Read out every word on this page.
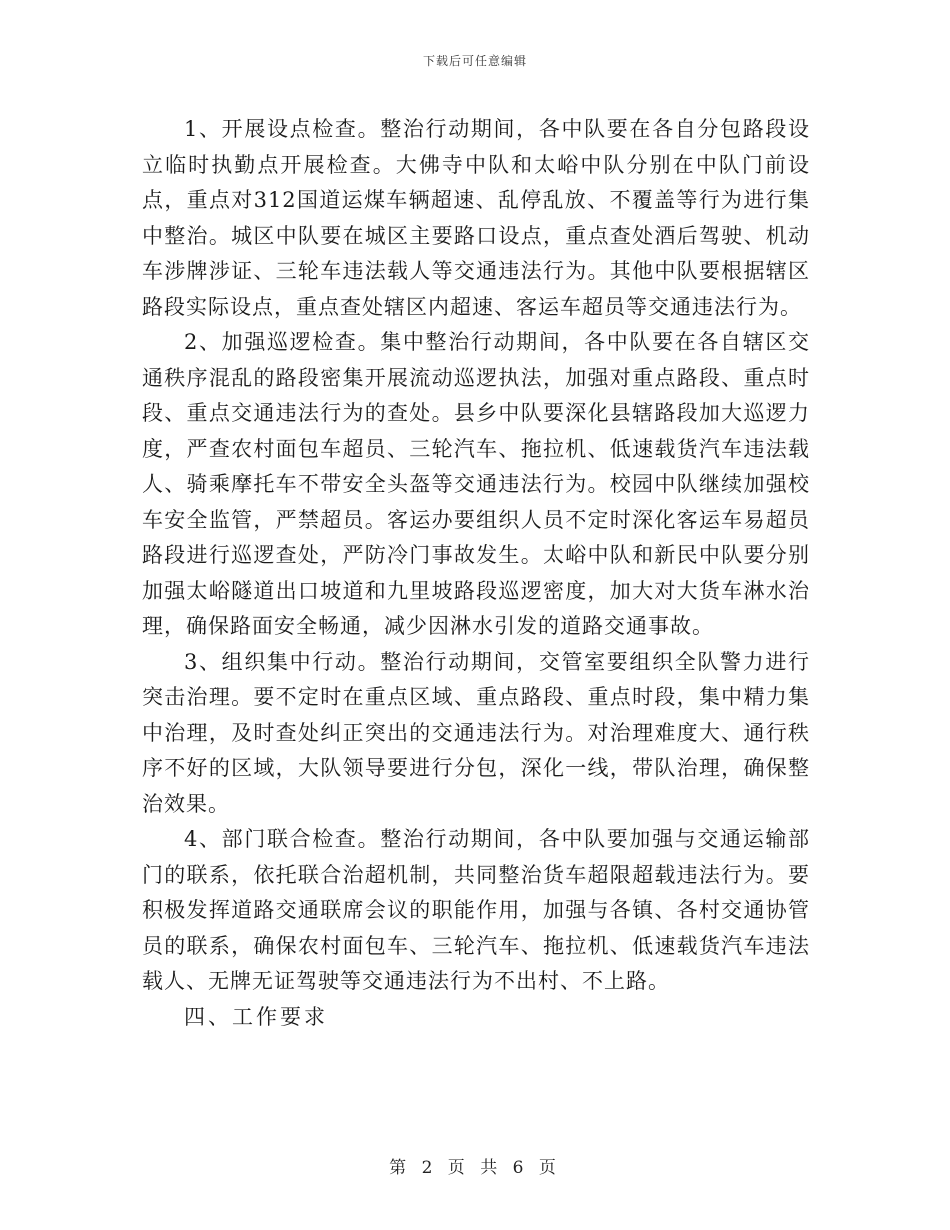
下载后可任意编辑

1、开展设点检查。整治行动期间，各中队要在各自分包路段设立临时执勤点开展检查。大佛寺中队和太峪中队分别在中队门前设点，重点对312国道运煤车辆超速、乱停乱放、不覆盖等行为进行集中整治。城区中队要在城区主要路口设点，重点查处酒后驾驶、机动车涉牌涉证、三轮车违法载人等交通违法行为。其他中队要根据辖区路段实际设点，重点查处辖区内超速、客运车超员等交通违法行为。

2、加强巡逻检查。集中整治行动期间，各中队要在各自辖区交通秩序混乱的路段密集开展流动巡逻执法，加强对重点路段、重点时段、重点交通违法行为的查处。县乡中队要深化县辖路段加大巡逻力度，严查农村面包车超员、三轮汽车、拖拉机、低速载货汽车违法载人、骑乘摩托车不带安全头盔等交通违法行为。校园中队继续加强校车安全监管，严禁超员。客运办要组织人员不定时深化客运车易超员路段进行巡逻查处，严防冷门事故发生。太峪中队和新民中队要分别加强太峪隧道出口坡道和九里坡路段巡逻密度，加大对大货车淋水治理，确保路面安全畅通，减少因淋水引发的道路交通事故。

3、组织集中行动。整治行动期间，交管室要组织全队警力进行突击治理。要不定时在重点区域、重点路段、重点时段，集中精力集中治理，及时查处纠正突出的交通违法行为。对治理难度大、通行秩序不好的区域，大队领导要进行分包，深化一线，带队治理，确保整治效果。

4、部门联合检查。整治行动期间，各中队要加强与交通运输部门的联系，依托联合治超机制，共同整治货车超限超载违法行为。要积极发挥道路交通联席会议的职能作用，加强与各镇、各村交通协管员的联系，确保农村面包车、三轮汽车、拖拉机、低速载货汽车违法载人、无牌无证驾驶等交通违法行为不出村、不上路。

四、工作要求

第 2 页 共 6 页
